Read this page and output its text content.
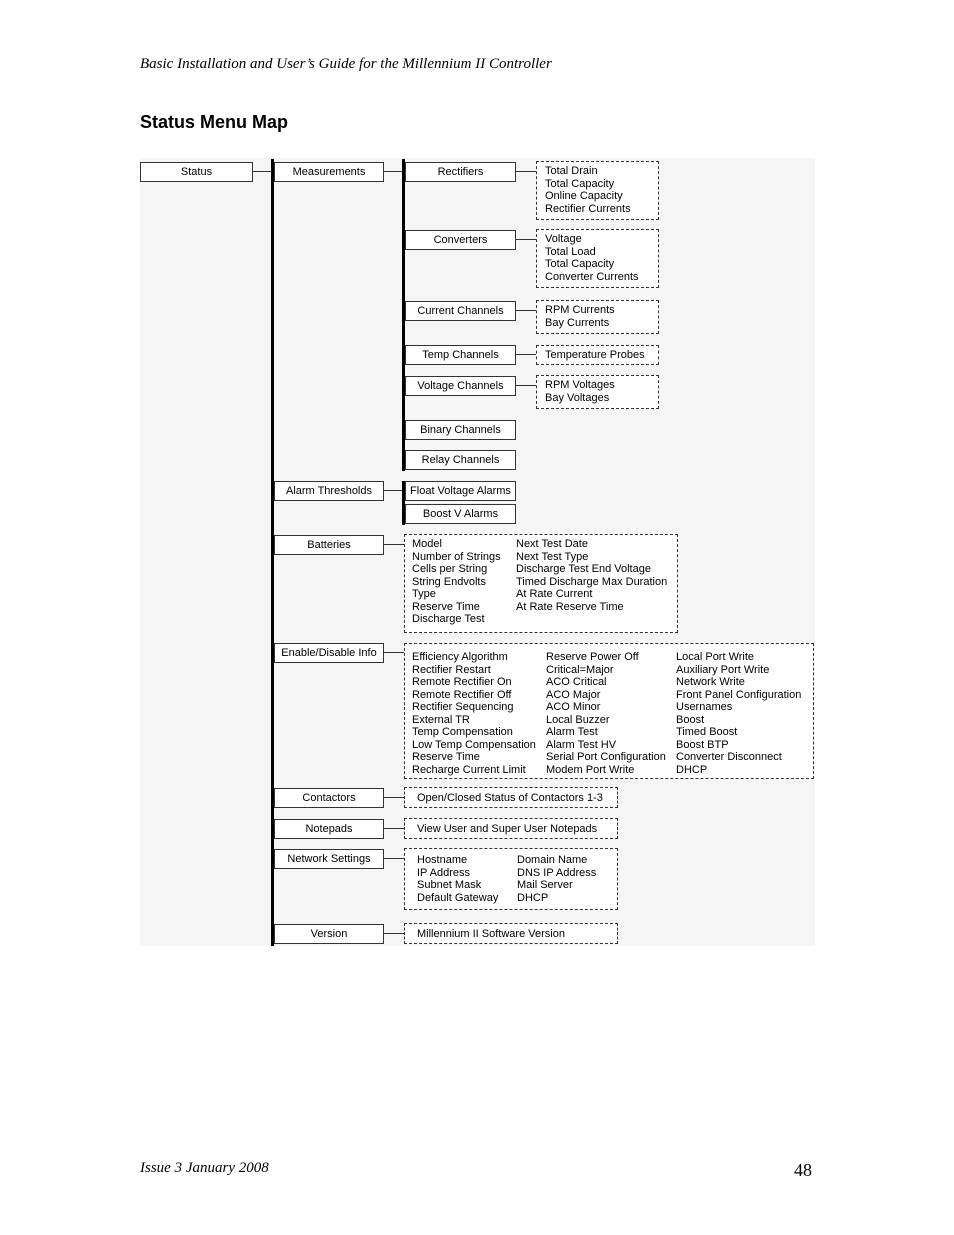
Basic Installation and User’s Guide for the Millennium II Controller
Status Menu Map
Status	Measurements
Alarm Thresholds
Batteries
Enable/Disable Info
Contactors
Notepads
Network Settings
Version
Rectifiers
Converters
Current Channels
Temp Channels
Voltage Channels
Binary Channels
Relay Channels
Float Voltage Alarms
Boost V Alarms
Total Drain
Total Capacity
Online Capacity
Rectifier Currents
Voltage
Total Load
Total Capacity
Converter Currents
RPM Currents
Bay Currents
Temperature Probes
RPM Voltages
Bay Voltages
Model
Number of Strings
Cells per String
String Endvolts
Type
Reserve Time
Discharge Test
Next Test Date
Next Test Type
Discharge Test End Voltage
Timed Discharge Max Duration
At Rate Current
At Rate Reserve Time
Efficiency Algorithm
Rectifier Restart
Remote Rectifier On
Remote Rectifier Off
Rectifier Sequencing
External TR
Temp Compensation
Low Temp Compensation
Reserve Time
Recharge Current Limit
Reserve Power Off
Critical=Major
ACO Critical
ACO Major
ACO Minor
Local Buzzer
Alarm Test
Alarm Test HV
Serial Port Configuration
Modem Port Write
Local Port Write
Auxiliary Port Write
Network Write
Front Panel Configuration
Usernames
Boost
Timed Boost
Boost BTP
Converter Disconnect
DHCP
Open/Closed Status of Contactors 1-3
View User and Super User Notepads
Hostname
IP Address
Subnet Mask
Default Gateway
Domain Name
DNS IP Address
Mail Server
DHCP
Millennium II Software Version
Issue 3 January 2008	48
